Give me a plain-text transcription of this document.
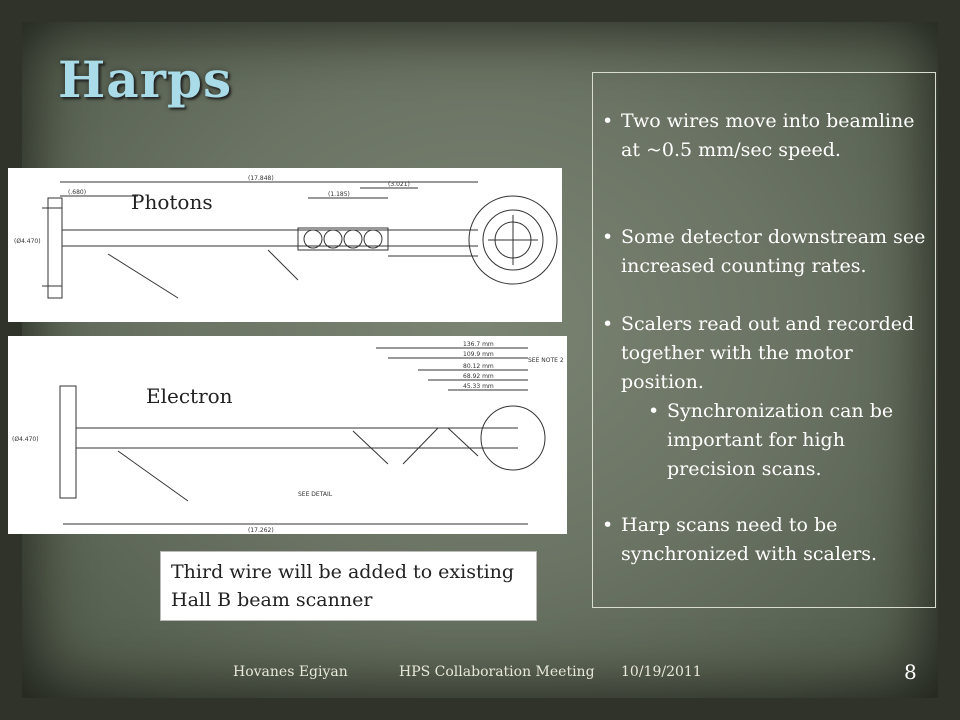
Harps
(17.848)
(.680)	(1.185)
(3.021)
(Ø4.470)
Photons
136.7 mm
109.9 mm
80.12 mm
68.92 mm
45.33 mm
SEE NOTE 2
(17.262)
SEE DETAIL
(Ø4.470)
Electron
• Two wires move into beamline at ~0.5 mm/sec speed.
• Some detector downstream see increased counting rates.
• Scalers read out and recorded together with the motor position.
• Synchronization can be important for high precision scans.
• Harp scans need to be synchronized with scalers.
Third wire will be added to existing Hall B beam scanner
Hovanes Egiyan	HPS Collaboration Meeting 10/19/2011	8
